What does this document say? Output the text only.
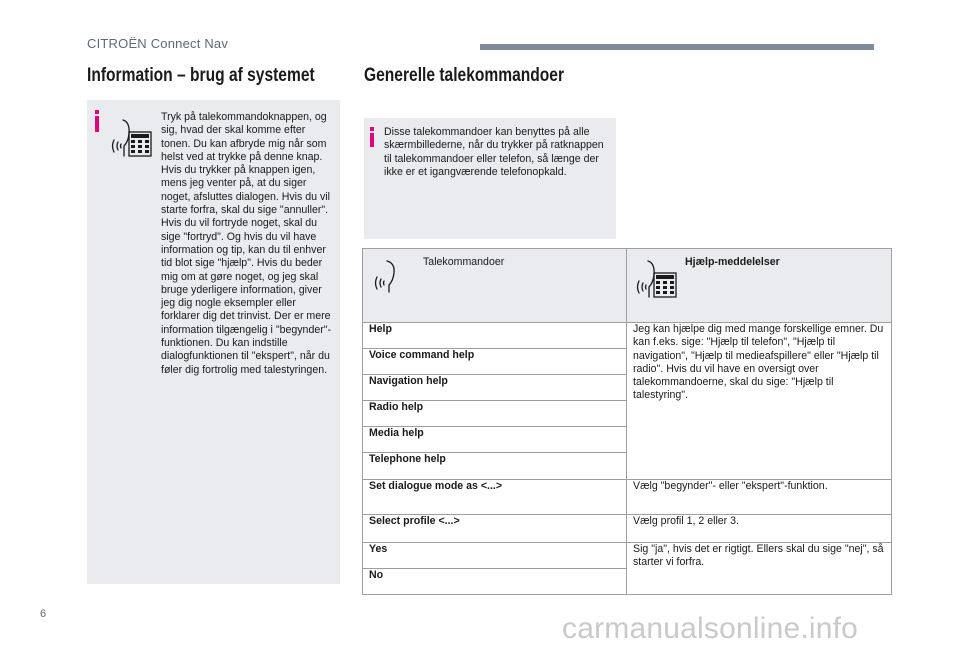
CITROËN Connect Nav
Information – brug af systemet	Generelle talekommandoer
Tryk på talekommandoknappen, og sig, hvad der skal komme efter tonen. Du kan afbryde mig når som helst ved at trykke på denne knap. Hvis du trykker på knappen igen, mens jeg venter på, at du siger noget, afsluttes dialogen. Hvis du vil starte forfra, skal du sige "annuller". Hvis du vil fortryde noget, skal du sige "fortryd". Og hvis du vil have information og tip, kan du til enhver tid blot sige "hjælp". Hvis du beder mig om at gøre noget, og jeg skal bruge yderligere information, giver jeg dig nogle eksempler eller forklarer dig det trinvist. Der er mere information tilgængelig i "begynder"-funktionen. Du kan indstille dialogfunktionen til "ekspert", når du føler dig fortrolig med talestyringen.
Disse talekommandoer kan benyttes på alle skærmbillederne, når du trykker på ratknappen til talekommandoer eller telefon, så længe der ikke er et igangværende telefonopkald.
Talekommandoer	Hjælp-meddelelser

Help	Jeg kan hjælpe dig med mange forskellige emner. Du kan f.eks. sige: "Hjælp til telefon", "Hjælp til navigation", "Hjælp til medieafspillere" eller "Hjælp til radio". Hvis du vil have en oversigt over talekommandoerne, skal du sige: "Hjælp til talestyring".
Voice command help	
Navigation help	
Radio help	
Media help	
Telephone help	
Set dialogue mode as <...>	Vælg "begynder"- eller "ekspert"-funktion.
Select profile <...>	Vælg profil 1, 2 eller 3.
Yes	Sig "ja", hvis det er rigtigt. Ellers skal du sige "nej", så starter vi forfra.
No	
6	carmanualsonline.info
